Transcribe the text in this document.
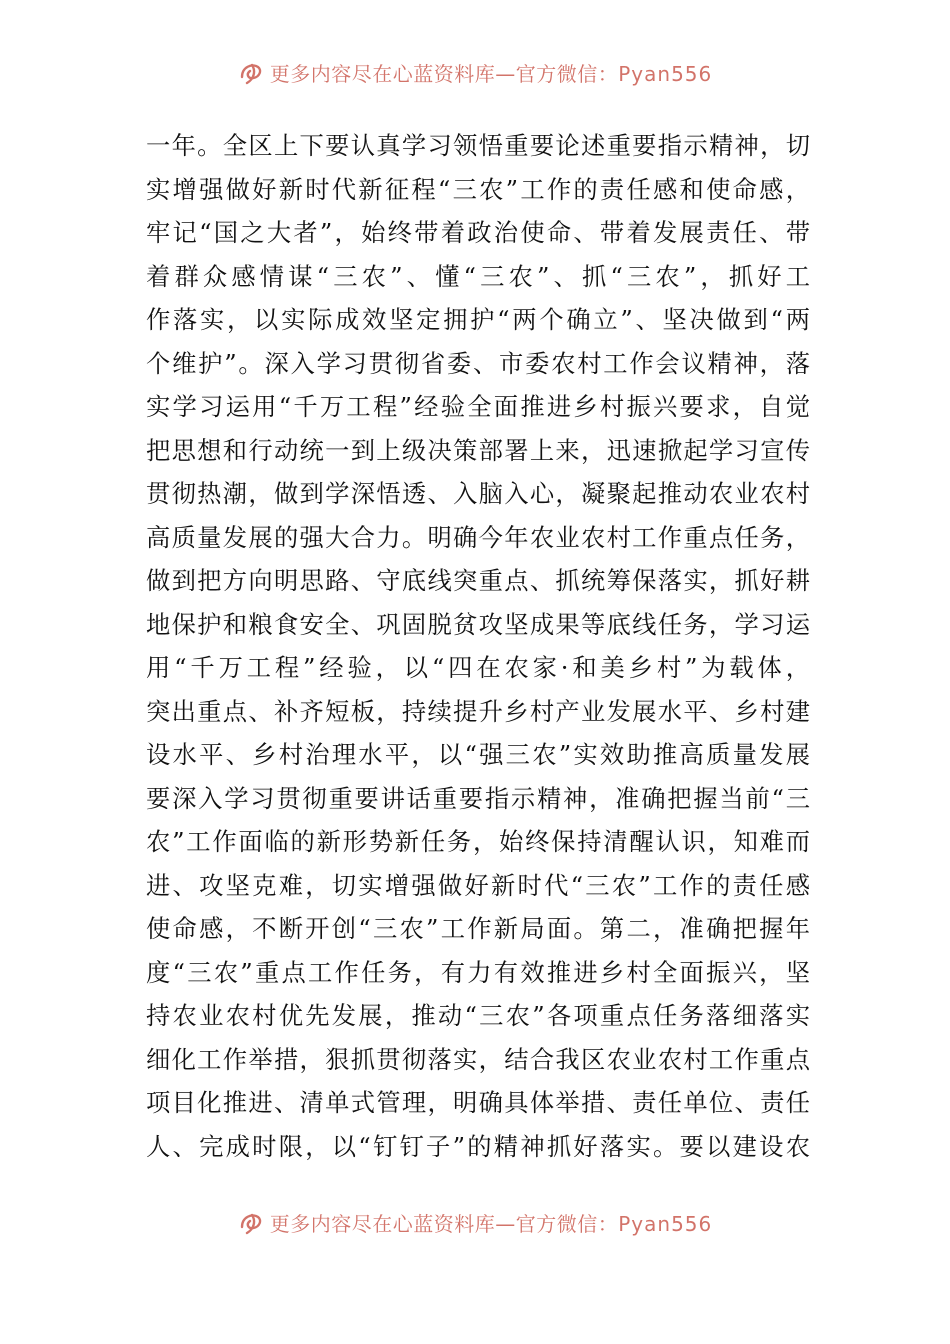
更多内容尽在心蓝资料库—官方微信：Pyan556
一年。全区上下要认真学习领悟重要论述重要指示精神，切
实增强做好新时代新征程“三农”工作的责任感和使命感，
牢记“国之大者”，始终带着政治使命、带着发展责任、带
着群众感情谋“三农”、懂“三农”、抓“三农”，抓好工
作落实，以实际成效坚定拥护“两个确立”、坚决做到“两
个维护”。深入学习贯彻省委、市委农村工作会议精神，落
实学习运用“千万工程”经验全面推进乡村振兴要求，自觉
把思想和行动统一到上级决策部署上来，迅速掀起学习宣传
贯彻热潮，做到学深悟透、入脑入心，凝聚起推动农业农村
高质量发展的强大合力。明确今年农业农村工作重点任务，
做到把方向明思路、守底线突重点、抓统筹保落实，抓好耕
地保护和粮食安全、巩固脱贫攻坚成果等底线任务，学习运
用“千万工程”经验，以“四在农家·和美乡村”为载体，
突出重点、补齐短板，持续提升乡村产业发展水平、乡村建
设水平、乡村治理水平，以“强三农”实效助推高质量发展
要深入学习贯彻重要讲话重要指示精神，准确把握当前“三
农”工作面临的新形势新任务，始终保持清醒认识，知难而
进、攻坚克难，切实增强做好新时代“三农”工作的责任感
使命感，不断开创“三农”工作新局面。第二，准确把握年
度“三农”重点工作任务，有力有效推进乡村全面振兴，坚
持农业农村优先发展，推动“三农”各项重点任务落细落实
细化工作举措，狠抓贯彻落实，结合我区农业农村工作重点
项目化推进、清单式管理，明确具体举措、责任单位、责任
人、完成时限，以“钉钉子”的精神抓好落实。要以建设农
更多内容尽在心蓝资料库—官方微信：Pyan556
